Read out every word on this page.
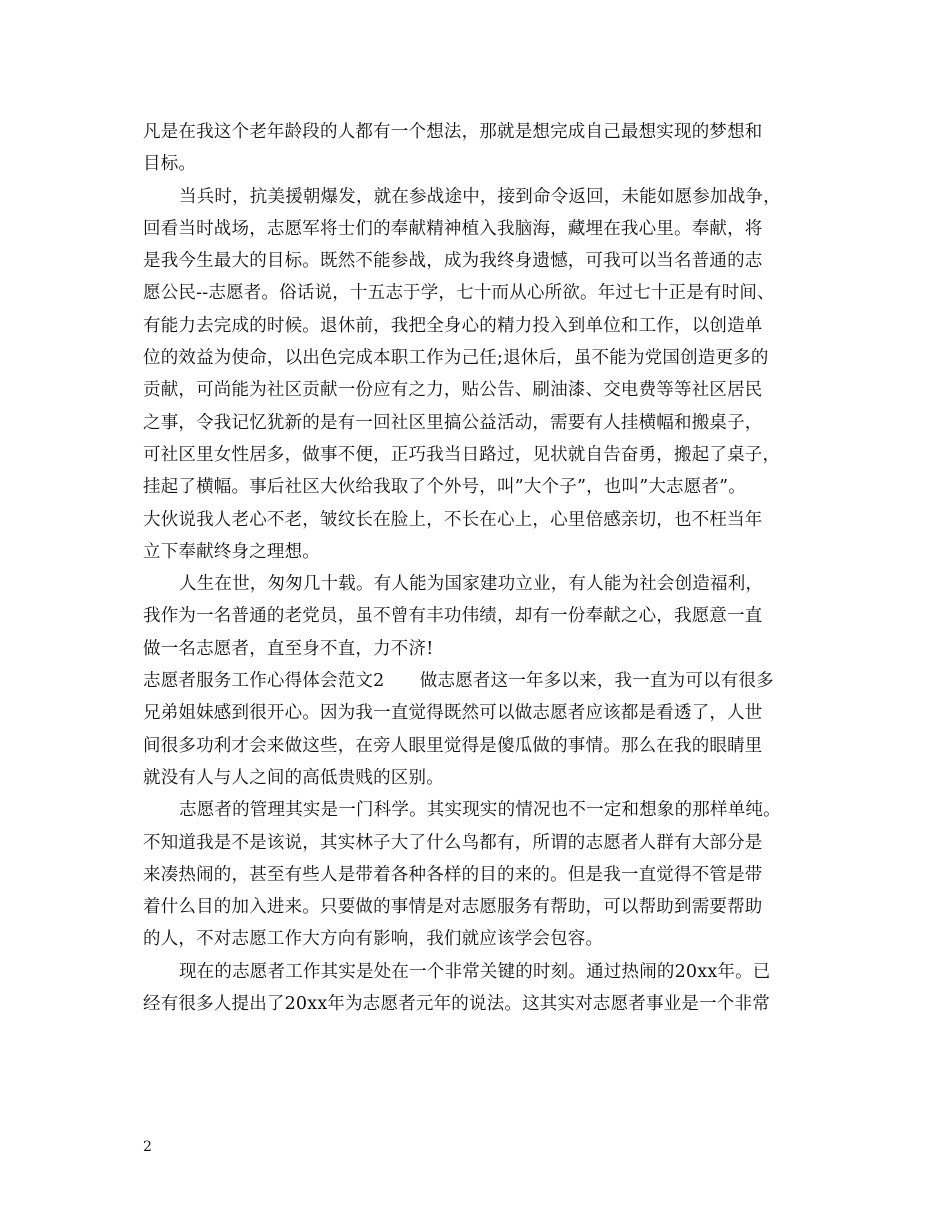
凡是在我这个老年龄段的人都有一个想法，那就是想完成自己最想实现的梦想和
目标。
当兵时，抗美援朝爆发，就在参战途中，接到命令返回，未能如愿参加战争，
回看当时战场，志愿军将士们的奉献精神植入我脑海，藏埋在我心里。奉献，将
是我今生最大的目标。既然不能参战，成为我终身遗憾，可我可以当名普通的志
愿公民--志愿者。俗话说，十五志于学，七十而从心所欲。年过七十正是有时间、
有能力去完成的时候。退休前，我把全身心的精力投入到单位和工作，以创造单
位的效益为使命，以出色完成本职工作为己任;退休后，虽不能为党国创造更多的
贡献，可尚能为社区贡献一份应有之力，贴公告、刷油漆、交电费等等社区居民
之事，令我记忆犹新的是有一回社区里搞公益活动，需要有人挂横幅和搬桌子，
可社区里女性居多，做事不便，正巧我当日路过，见状就自告奋勇，搬起了桌子，
挂起了横幅。事后社区大伙给我取了个外号，叫”大个子”，也叫”大志愿者”。
大伙说我人老心不老，皱纹长在脸上，不长在心上，心里倍感亲切，也不枉当年
立下奉献终身之理想。
人生在世，匆匆几十载。有人能为国家建功立业，有人能为社会创造福利，
我作为一名普通的老党员，虽不曾有丰功伟绩，却有一份奉献之心，我愿意一直
做一名志愿者，直至身不直，力不济!
志愿者服务工作心得体会范文2　　做志愿者这一年多以来，我一直为可以有很多
兄弟姐妹感到很开心。因为我一直觉得既然可以做志愿者应该都是看透了，人世
间很多功利才会来做这些，在旁人眼里觉得是傻瓜做的事情。那么在我的眼睛里
就没有人与人之间的高低贵贱的区别。
志愿者的管理其实是一门科学。其实现实的情况也不一定和想象的那样单纯。
不知道我是不是该说，其实林子大了什么鸟都有，所谓的志愿者人群有大部分是
来凑热闹的，甚至有些人是带着各种各样的目的来的。但是我一直觉得不管是带
着什么目的加入进来。只要做的事情是对志愿服务有帮助，可以帮助到需要帮助
的人，不对志愿工作大方向有影响，我们就应该学会包容。
现在的志愿者工作其实是处在一个非常关键的时刻。通过热闹的20xx年。已
经有很多人提出了20xx年为志愿者元年的说法。这其实对志愿者事业是一个非常
2
